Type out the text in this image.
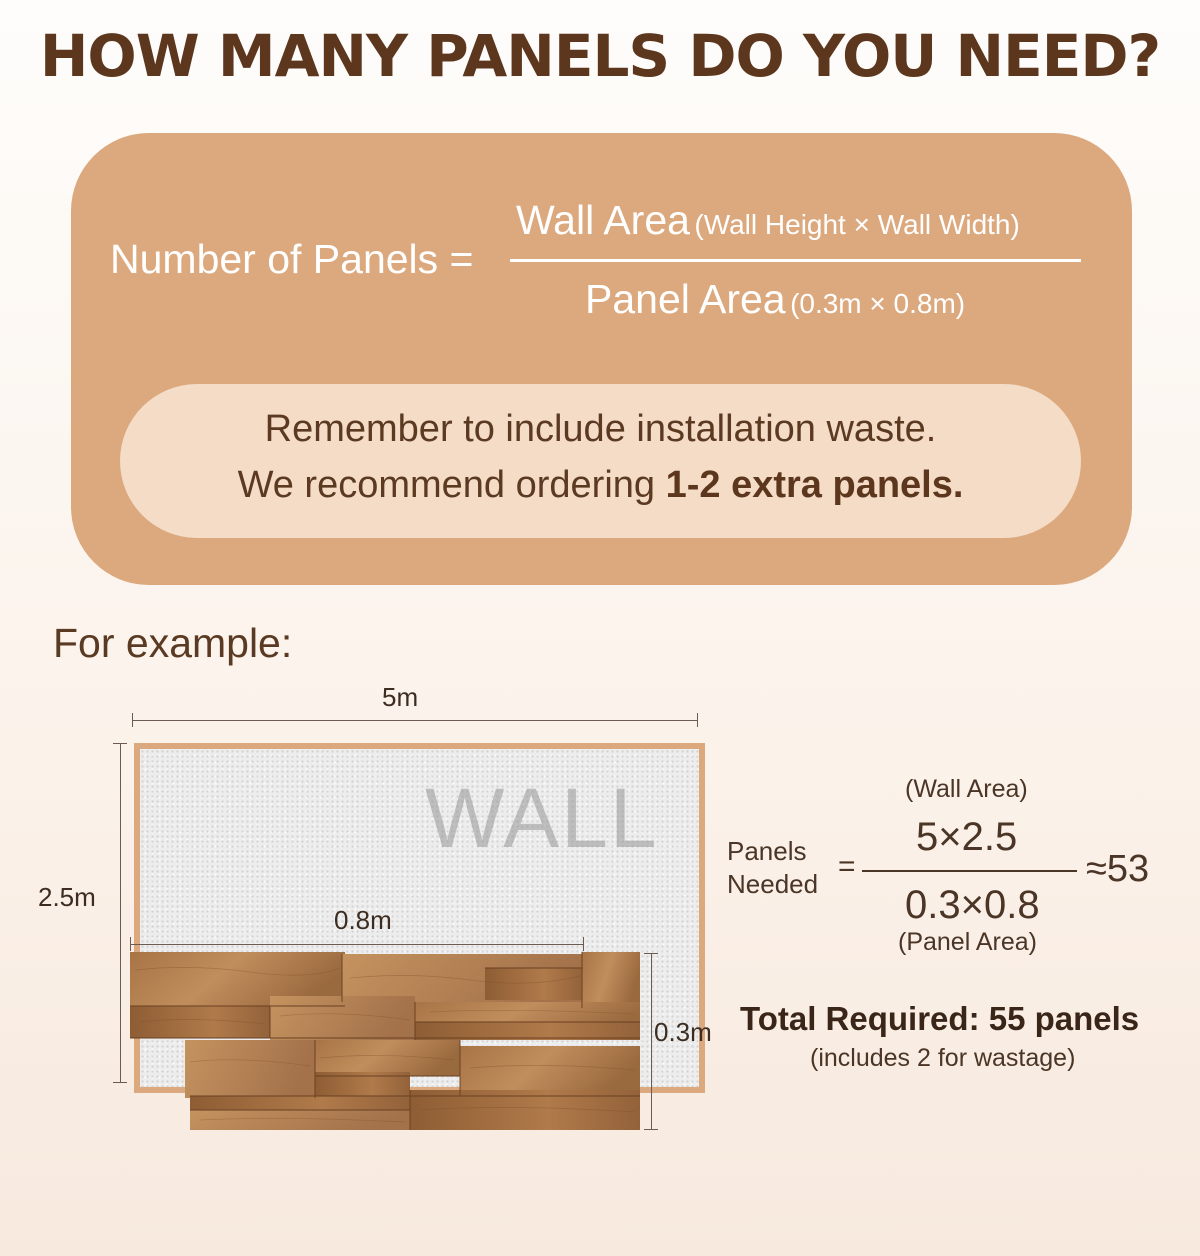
HOW MANY PANELS DO YOU NEED?
Number of Panels =
Wall Area (Wall Height × Wall Width)
Panel Area (0.3m × 0.8m)
Remember to include installation waste.
We recommend ordering 1-2 extra panels.
For example:
5m
2.5m
WALL
0.8m
0.3m
Panels
Needed
=
(Wall Area)
5×2.5
0.3×0.8
(Panel Area)
≈53
Total Required: 55 panels
(includes 2 for wastage)
